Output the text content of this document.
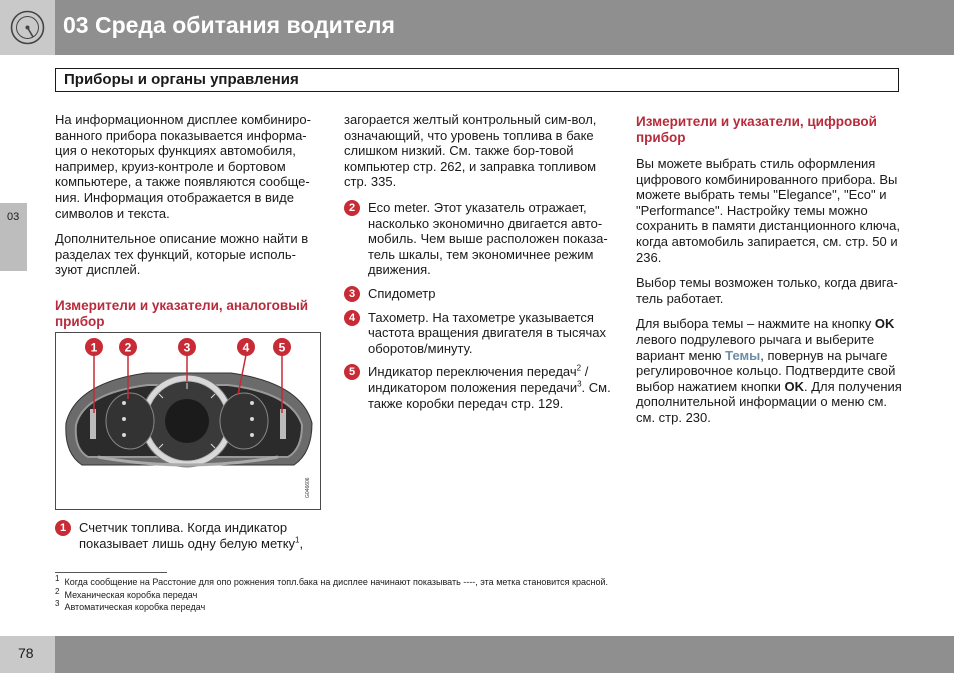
03 Среда обитания водителя
Приборы и органы управления
03

На информационном дисплее комбиниро-ванного прибора показывается информа-ция о некоторых функциях автомобиля, например, круиз-контроле и бортовом компьютере, а также появляются сообще-ния. Информация отображается в виде символов и текста.

Дополнительное описание можно найти в разделах тех функций, которые исполь-зуют дисплей.

Измерители и указатели, аналоговый прибор
1 2	3	4 5
G046606
1 Счетчик топлива. Когда индикатор показывает лишь одну белую метку$^1$,

загорается желтый контрольный сим-вол, означающий, что уровень топлива в баке слишком низкий. См. также бор-товой компьютер стр. 262, и заправка топливом стр. 335.

2 Eco meter. Этот указатель отражает, насколько экономично двигается авто-мобиль. Чем выше расположен показа-тель шкалы, тем экономичнее режим движения.
3 Спидометр
4 Тахометр. На тахометре указывается частота вращения двигателя в тысячах оборотов/минуту.
5 Индикатор переключения передач$^2$ / индикатором положения передачи$^3$. См. также коробки передач стр. 129.
Измерители и указатели, цифровой прибор

Вы можете выбрать стиль оформления цифрового комбинированного прибора. Вы можете выбрать темы "Elegance", "Eco" и "Performance". Настройку темы можно сохранить в памяти дистанционного ключа, когда автомобиль запирается, см. стр. 50 и 236.

Выбор темы возможен только, когда двига-тель работает.

Для выбора темы – нажмите на кнопку OK левого подрулевого рычага и выберите вариант меню Темы, повернув на рычаге регулировочное кольцо. Подтвердите свой выбор нажатием кнопки OK. Для получения дополнительной информации о меню см. см. стр. 230.

$^1$ Когда сообщение на Расстоние для опо рожнения топл.бака на дисплее начинают показывать ----, эта метка становится красной.
$^2$ Механическая коробка передач
$^3$ Автоматическая коробка передач
78
